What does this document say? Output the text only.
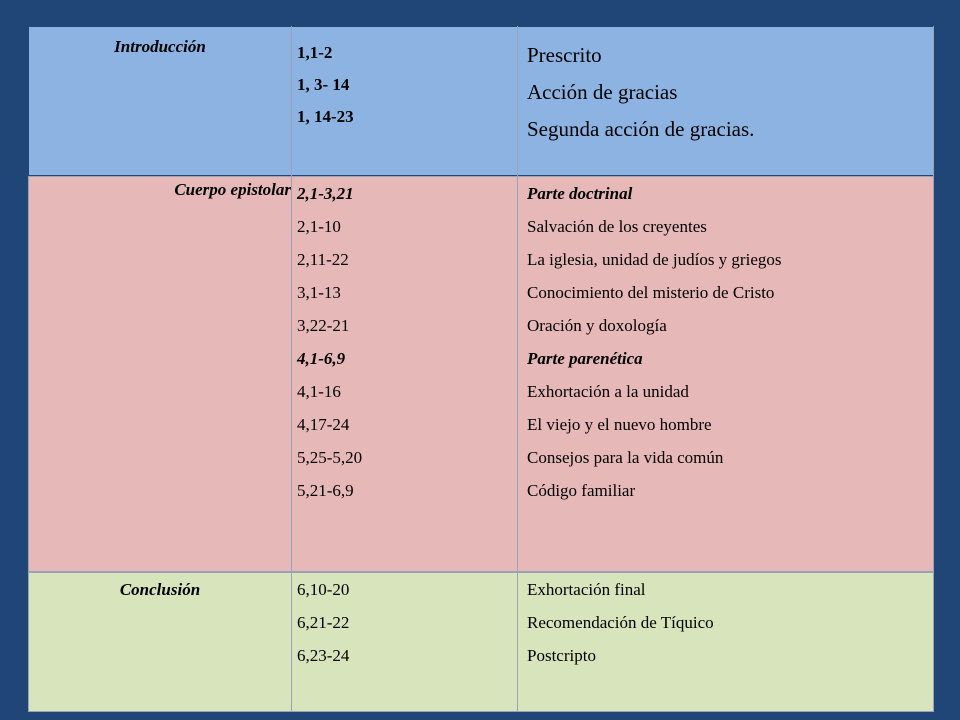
Introducción	1,1-2
1, 3- 14
1, 14-23
Prescrito
Acción de gracias
Segunda acción de gracias.
Cuerpo epistolar 2,1-3,21
2,1-10
2,11-22
3,1-13
3,22-21
4,1-6,9
4,1-16
4,17-24
5,25-5,20
5,21-6,9
Parte doctrinal
Salvación de los creyentes
La iglesia, unidad de judíos y griegos
Conocimiento del misterio de Cristo
Oración y doxología
Parte parenética
Exhortación a la unidad
El viejo y el nuevo hombre
Consejos para la vida común
Código familiar
Conclusión	6,10-20
6,21-22
6,23-24
Exhortación final
Recomendación de Tíquico
Postcripto
